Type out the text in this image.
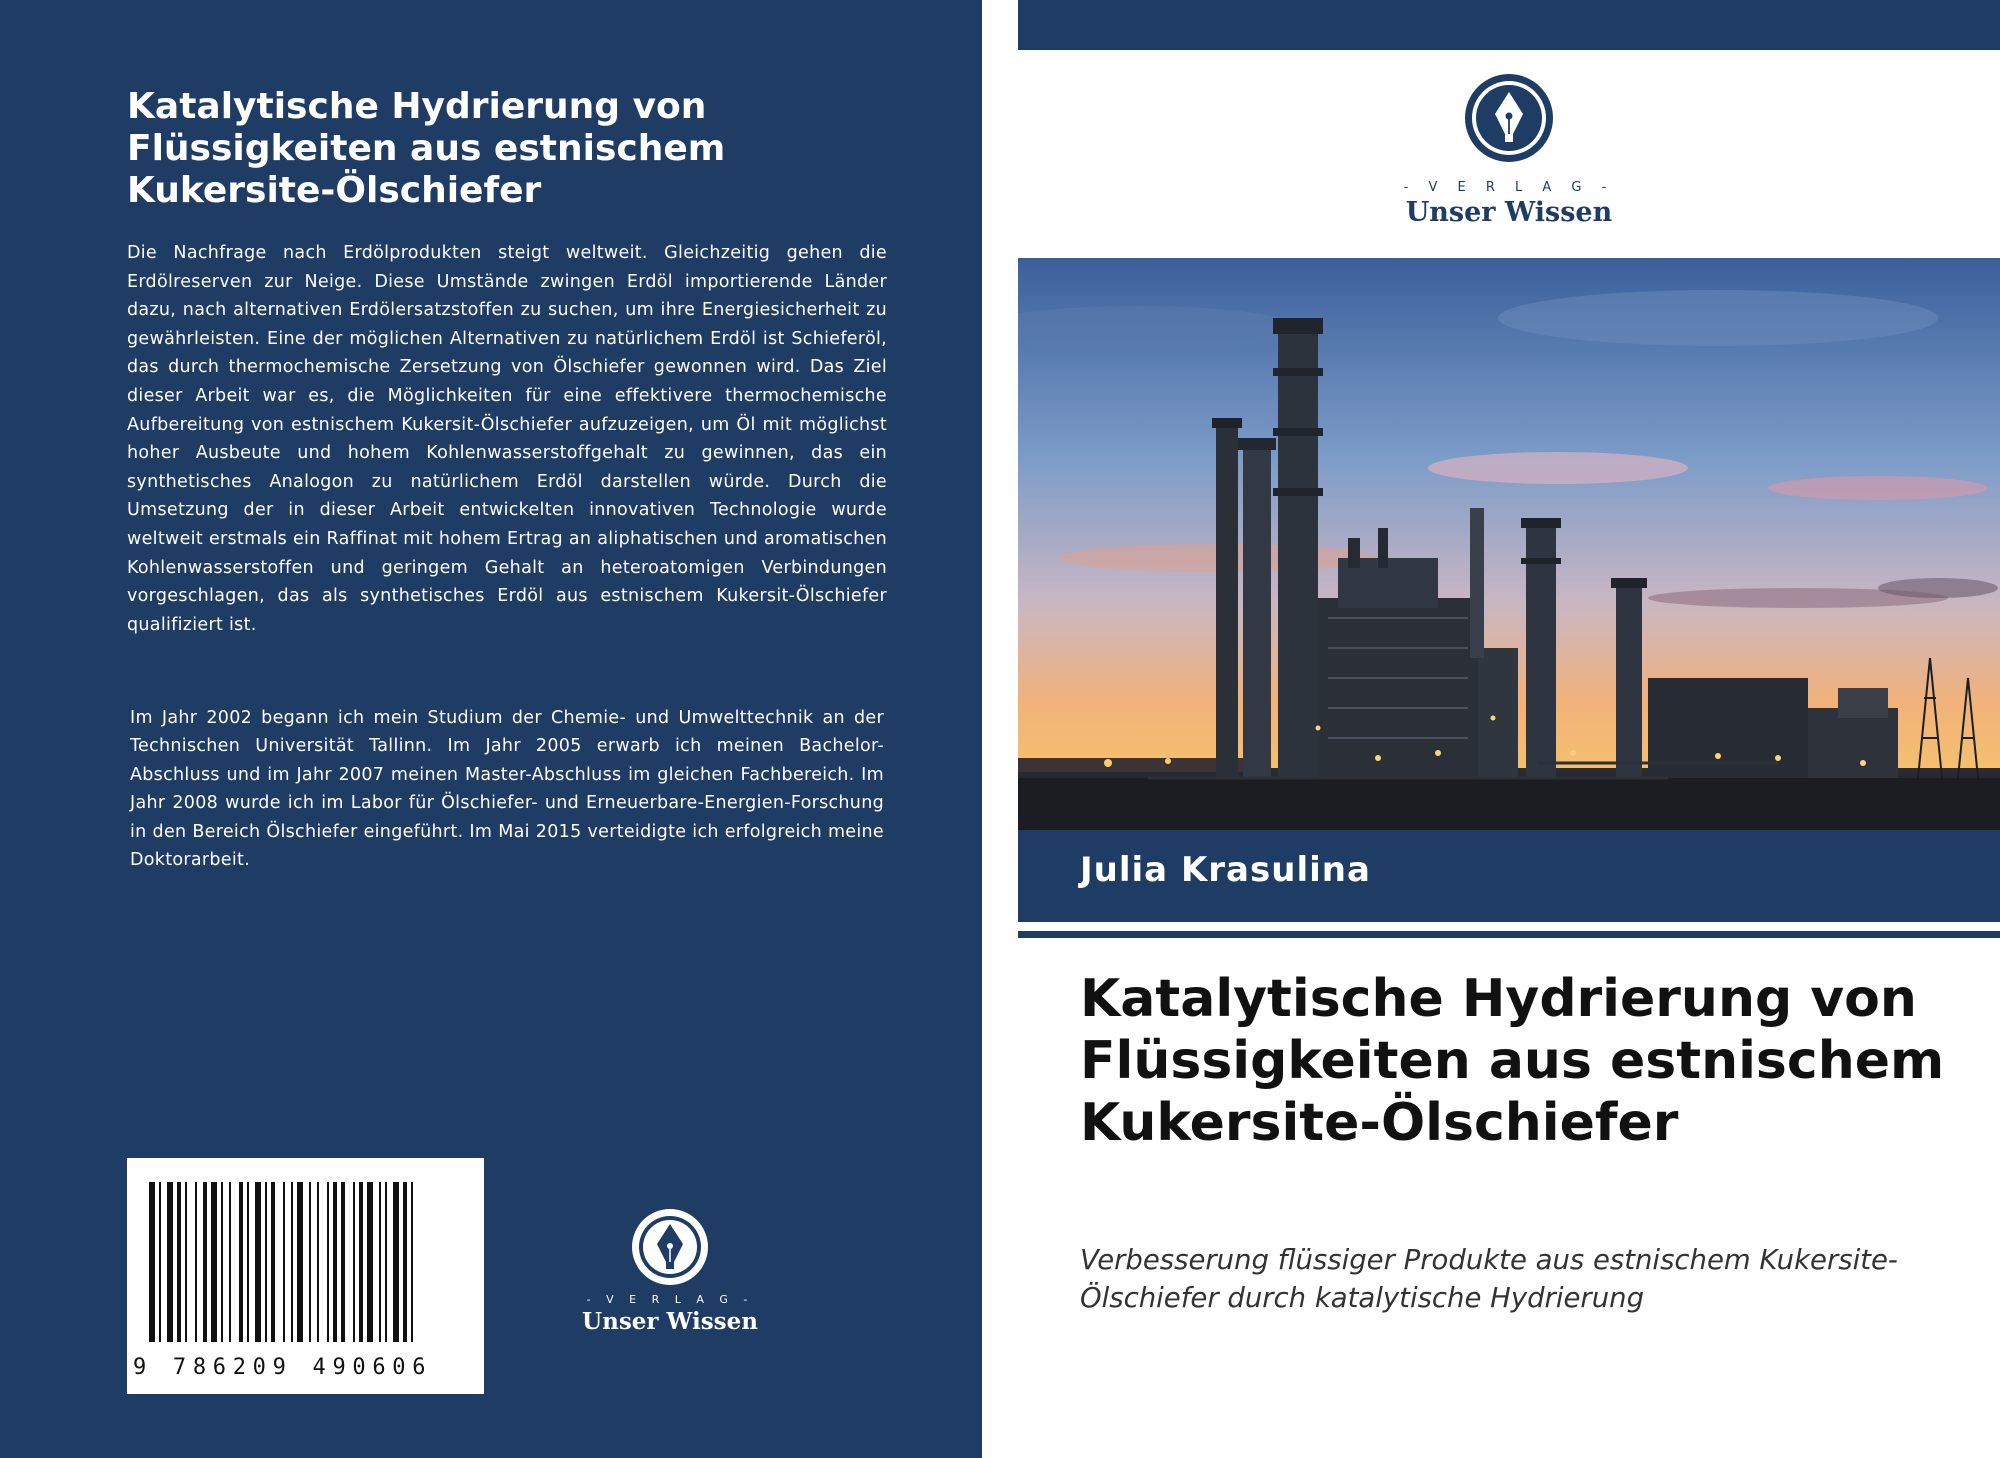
Katalytische Hydrierung von Flüssigkeiten aus estnischem Kukersite-Ölschiefer

Die Nachfrage nach Erdölprodukten steigt weltweit. Gleichzeitig gehen die Erdölreserven zur Neige. Diese Umstände zwingen Erdöl importierende Länder dazu, nach alternativen Erdölersatzstoffen zu suchen, um ihre Energiesicherheit zu gewährleisten. Eine der möglichen Alternativen zu natürlichem Erdöl ist Schieferöl, das durch thermochemische Zersetzung von Ölschiefer gewonnen wird. Das Ziel dieser Arbeit war es, die Möglichkeiten für eine effektivere thermochemische Aufbereitung von estnischem Kukersit-Ölschiefer aufzuzeigen, um Öl mit möglichst hoher Ausbeute und hohem Kohlenwasserstoffgehalt zu gewinnen, das ein synthetisches Analogon zu natürlichem Erdöl darstellen würde. Durch die Umsetzung der in dieser Arbeit entwickelten innovativen Technologie wurde weltweit erstmals ein Raffinat mit hohem Ertrag an aliphatischen und aromatischen Kohlenwasserstoffen und geringem Gehalt an heteroatomigen Verbindungen vorgeschlagen, das als synthetisches Erdöl aus estnischem Kukersit-Ölschiefer qualifiziert ist.

Im Jahr 2002 begann ich mein Studium der Chemie- und Umwelttechnik an der Technischen Universität Tallinn. Im Jahr 2005 erwarb ich meinen Bachelor-Abschluss und im Jahr 2007 meinen Master-Abschluss im gleichen Fachbereich. Im Jahr 2008 wurde ich im Labor für Ölschiefer- und Erneuerbare-Energien-Forschung in den Bereich Ölschiefer eingeführt. Im Mai 2015 verteidigte ich erfolgreich meine Doktorarbeit.

9 786209 490606
- V E R L A G -
Unser Wissen
- V E R L A G -
Unser Wissen
Julia Krasulina
Katalytische Hydrierung von Flüssigkeiten aus estnischem Kukersite-Ölschiefer

Verbesserung flüssiger Produkte aus estnischem Kukersite-Ölschiefer durch katalytische Hydrierung
